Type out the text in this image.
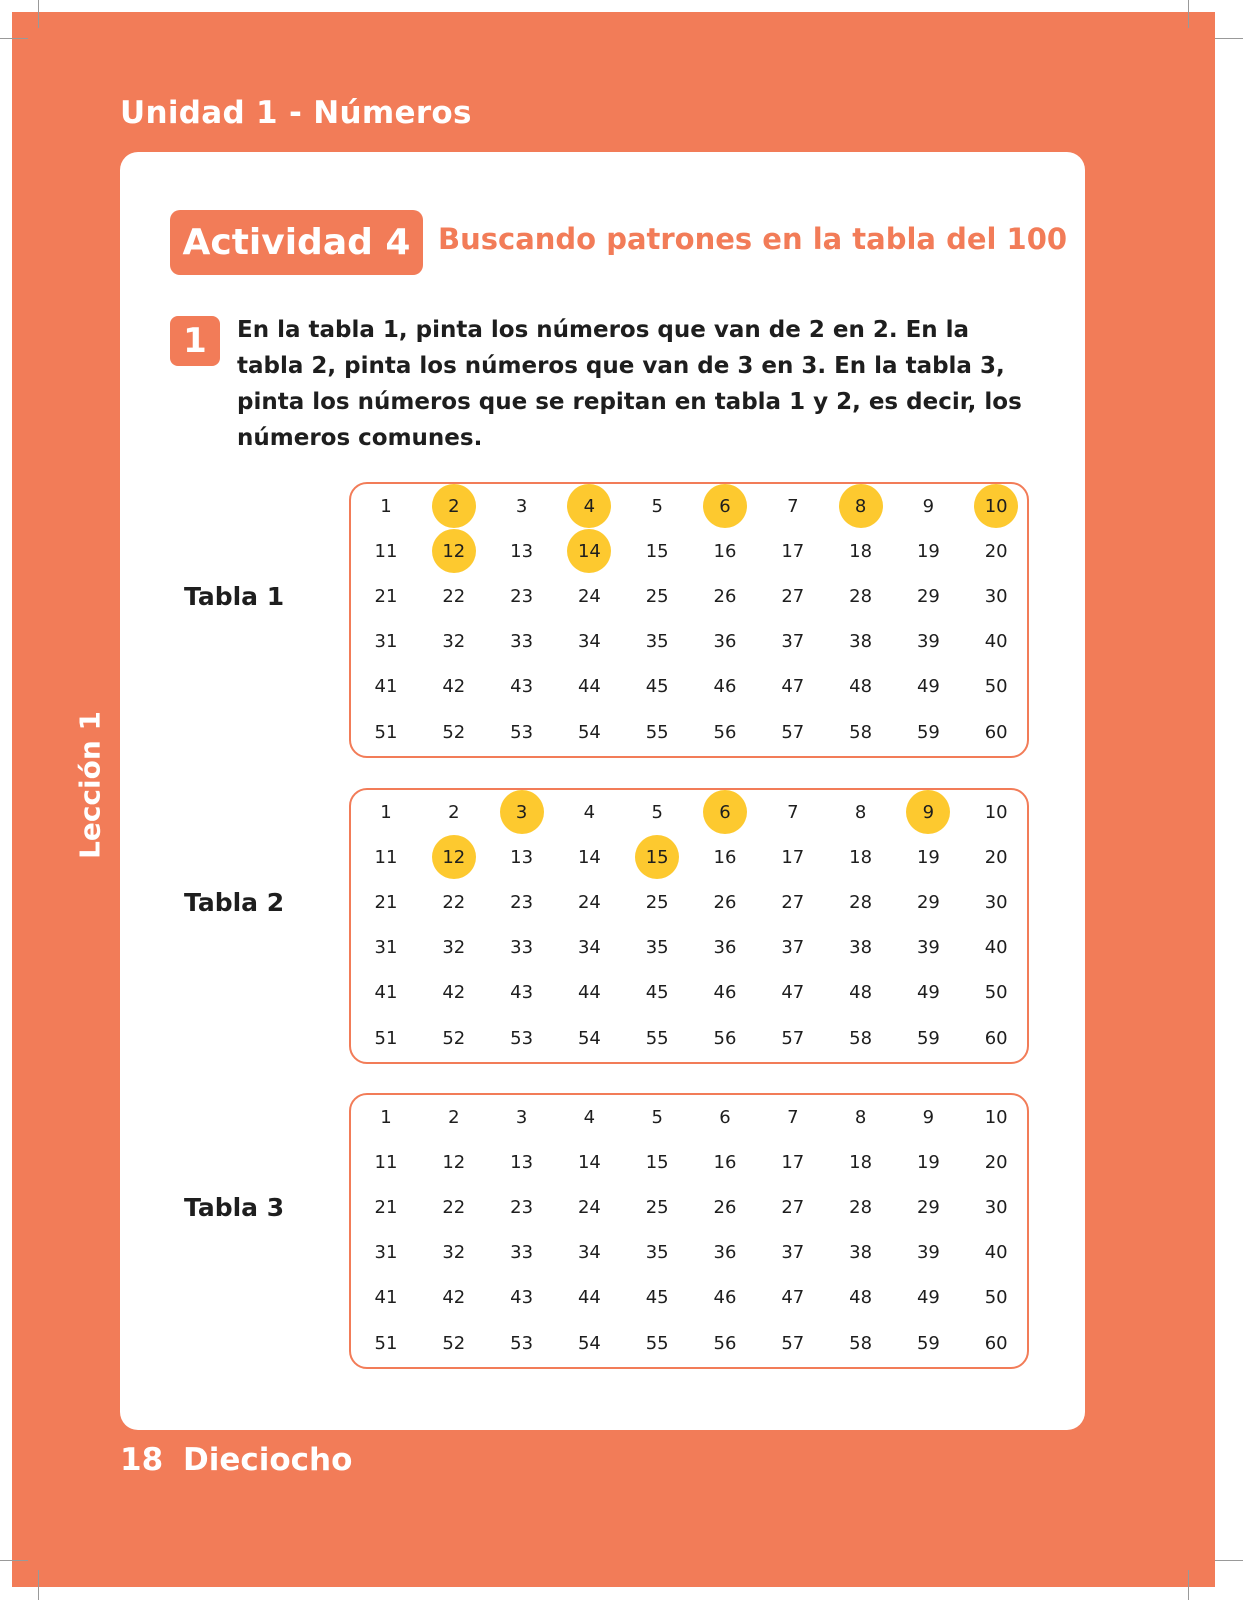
Unidad 1 - Números
Lección 1
Actividad 4 Buscando patrones en la tabla del 100
1	En la tabla 1, pinta los números que van de 2 en 2. En la tabla 2, pinta los números que van de 3 en 3. En la tabla 3, pinta los números que se repitan en tabla 1 y 2, es decir, los números comunes.
Tabla 1
1	2	3	4	5	6	7	8	9	10
11	12	13	14	15	16	17	18	19	20
21	22	23	24	25	26	27	28	29	30
31	32	33	34	35	36	37	38	39	40
41	42	43	44	45	46	47	48	49	50
51	52	53	54	55	56	57	58	59	60
Tabla 2
1	2	3	4	5	6	7	8	9	10
11	12	13	14	15	16	17	18	19	20
21	22	23	24	25	26	27	28	29	30
31	32	33	34	35	36	37	38	39	40
41	42	43	44	45	46	47	48	49	50
51	52	53	54	55	56	57	58	59	60
Tabla 3
1	2	3	4	5	6	7	8	9	10
11	12	13	14	15	16	17	18	19	20
21	22	23	24	25	26	27	28	29	30
31	32	33	34	35	36	37	38	39	40
41	42	43	44	45	46	47	48	49	50
51	52	53	54	55	56	57	58	59	60
18 Dieciocho
